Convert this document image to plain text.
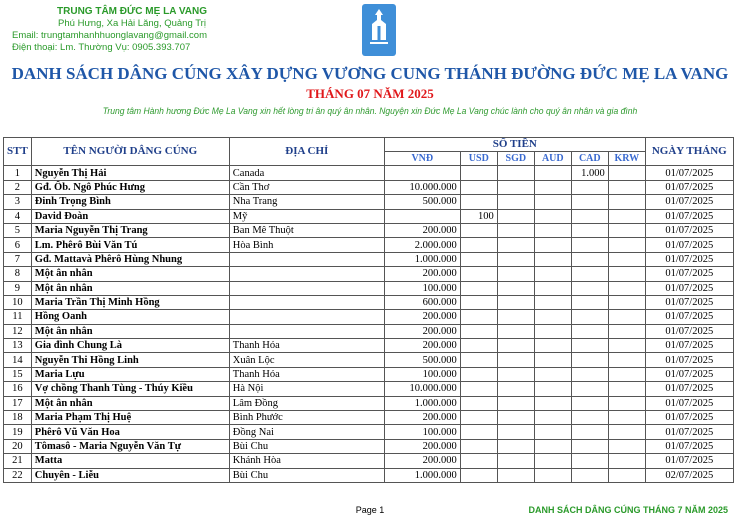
TRUNG TÂM ĐỨC MẸ LA VANG
Phú Hưng, Xa Hải Lăng, Quảng Trị
Email: trungtamhanhhuonglavang@gmail.com
Điện thoại: Lm. Thường Vụ: 0905.393.707
DANH SÁCH DÂNG CÚNG XÂY DỰNG VƯƠNG CUNG THÁNH ĐƯỜNG ĐỨC MẸ LA VANG
THÁNG 07 NĂM 2025
Trung tâm Hành hương Đức Mẹ La Vang xin hết lòng tri ân quý ân nhân. Nguyện xin Đức Mẹ La Vang chúc lành cho quý ân nhân và gia đình
STT	TÊN NGƯỜI DÂNG CÚNG	ĐỊA CHỈ	SỐ TIỀN						NGÀY THÁNG
			VNĐ	USD	SGD	AUD	CAD	KRW	
1	Nguyễn Thị Hải	Canada					1.000		01/07/2025
2	Gđ. Ôb. Ngô Phúc Hưng	Cần Thơ	10.000.000						01/07/2025
3	Đinh Trọng Bình	Nha Trang	500.000						01/07/2025
4	David Đoàn	Mỹ		100					01/07/2025
5	Maria Nguyễn Thị Trang	Ban Mê Thuột	200.000						01/07/2025
6	Lm. Phêrô Bùi Văn Tú	Hòa Bình	2.000.000						01/07/2025
7	Gđ. Mattavà Phêrô Hùng Nhung		1.000.000						01/07/2025
8	Một ân nhân		200.000						01/07/2025
9	Một ân nhân		100.000						01/07/2025
10	Maria Trần Thị Minh Hồng		600.000						01/07/2025
11	Hồng Oanh		200.000						01/07/2025
12	Một ân nhân		200.000						01/07/2025
13	Gia đình Chung Là	Thanh Hóa	200.000						01/07/2025
14	Nguyễn Thi Hồng Linh	Xuân Lộc	500.000						01/07/2025
15	Maria Lựu	Thanh Hóa	100.000						01/07/2025
16	Vợ chồng Thanh Tùng - Thúy Kiều	Hà Nội	10.000.000						01/07/2025
17	Một ân nhân	Lâm Đồng	1.000.000						01/07/2025
18	Maria Phạm Thị Huệ	Bình Phước	200.000						01/07/2025
19	Phêrô Vũ Văn Hoa	Đồng Nai	100.000						01/07/2025
20	Tômasô - Maria Nguyễn Văn Tự	Bùi Chu	200.000						01/07/2025
21	Matta	Khánh Hòa	200.000						01/07/2025
22	Chuyên - Liễu	Bùi Chu	1.000.000						02/07/2025
Page 1	DANH SÁCH DÂNG CÚNG THÁNG 7 NĂM 2025
